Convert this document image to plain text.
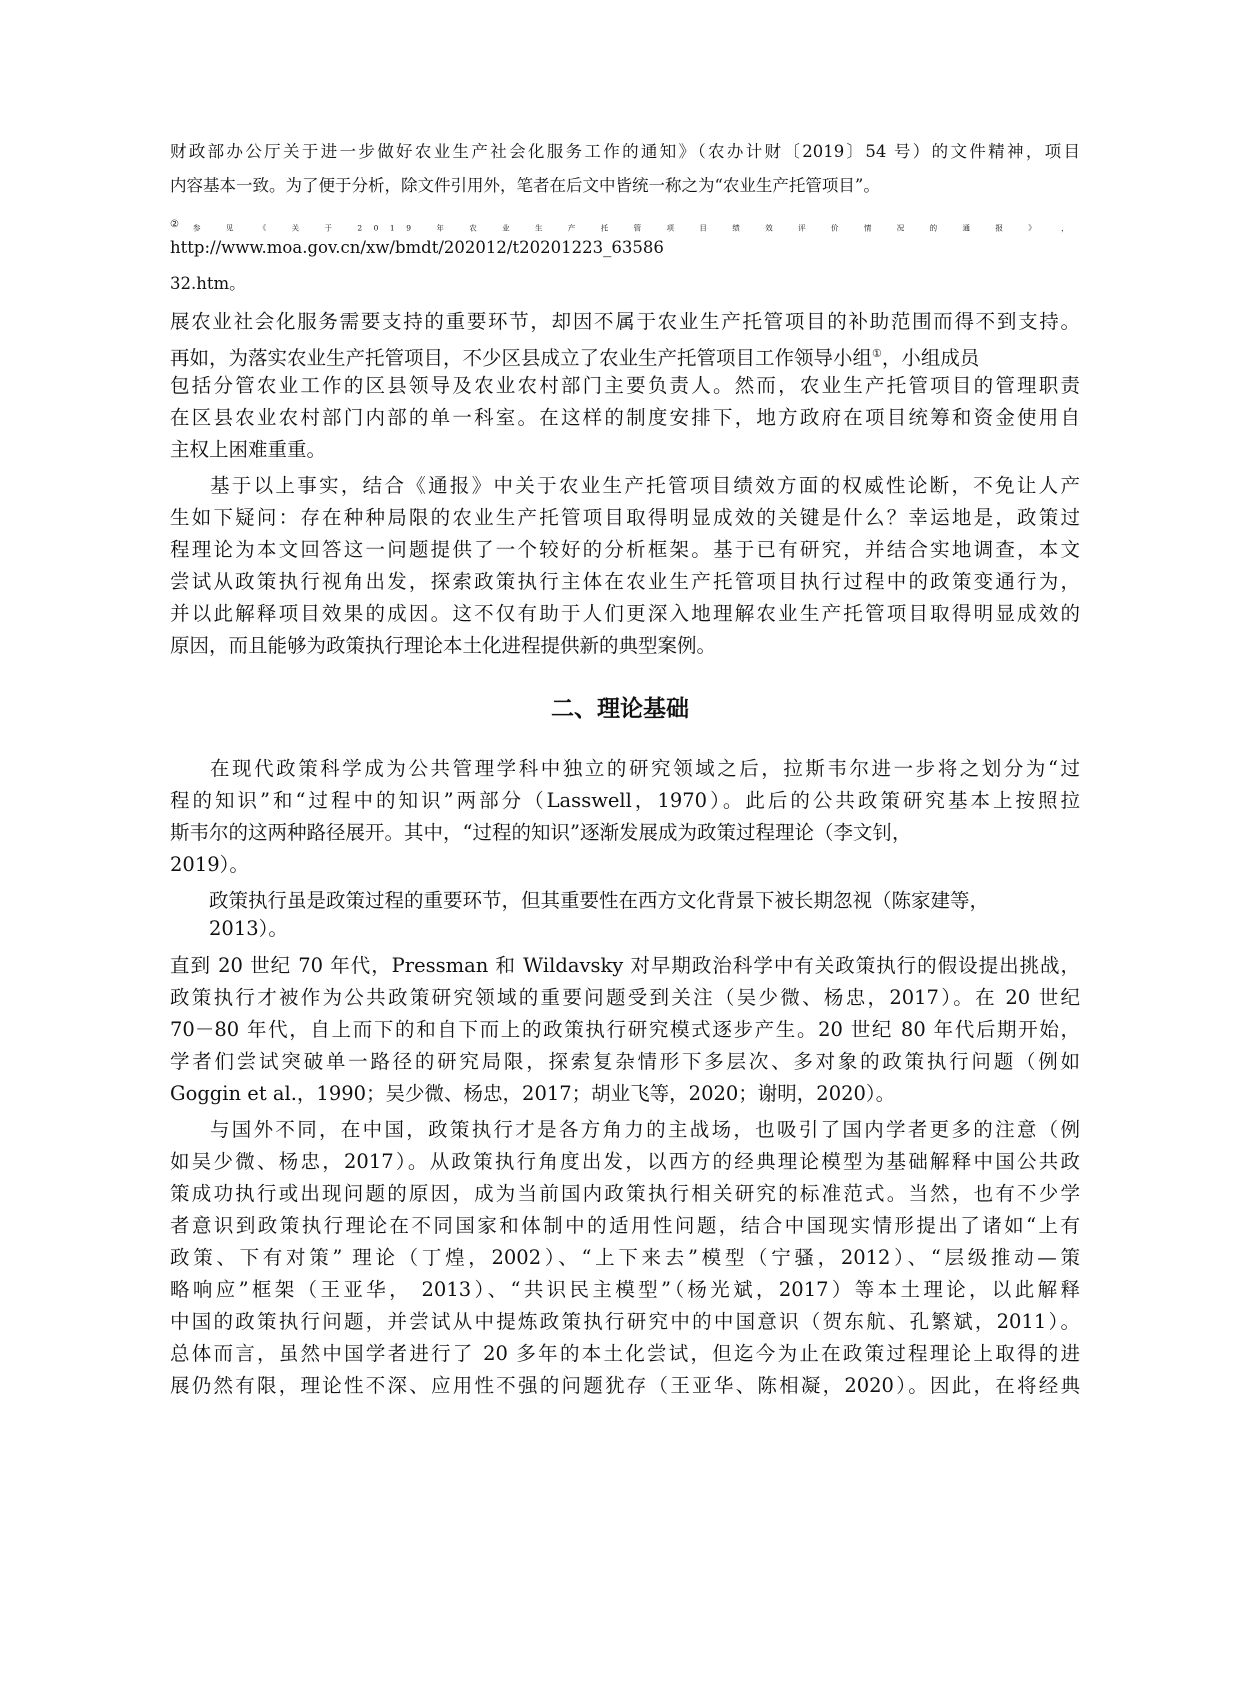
财政部办公厅关于进一步做好农业生产社会化服务工作的通知》（农办计财〔2019〕54 号）的文件精神，项目

内容基本一致。为了便于分析，除文件引用外，笔者在后文中皆统一称之为“农业生产托管项目”。

② 参 见 《 关 于 2019 年 农 业 生 产 托 管 项 目 绩 效 评 价 情 况 的 通 报 》 ，

http://www.moa.gov.cn/xw/bmdt/202012/t20201223_63586

32.htm。

展农业社会化服务需要支持的重要环节，却因不属于农业生产托管项目的补助范围而得不到支持。

再如，为落实农业生产托管项目，不少区县成立了农业生产托管项目工作领导小组①，小组成员

包括分管农业工作的区县领导及农业农村部门主要负责人。然而，农业生产托管项目的管理职责

在区县农业农村部门内部的单一科室。在这样的制度安排下，地方政府在项目统筹和资金使用自

主权上困难重重。

基于以上事实，结合《通报》中关于农业生产托管项目绩效方面的权威性论断，不免让人产

生如下疑问：存在种种局限的农业生产托管项目取得明显成效的关键是什么？幸运地是，政策过

程理论为本文回答这一问题提供了一个较好的分析框架。基于已有研究，并结合实地调查，本文

尝试从政策执行视角出发，探索政策执行主体在农业生产托管项目执行过程中的政策变通行为，

并以此解释项目效果的成因。这不仅有助于人们更深入地理解农业生产托管项目取得明显成效的

原因，而且能够为政策执行理论本土化进程提供新的典型案例。

二、理论基础

在现代政策科学成为公共管理学科中独立的研究领域之后，拉斯韦尔进一步将之划分为“过

程的知识”和“过程中的知识”两部分（Lasswell，1970）。此后的公共政策研究基本上按照拉

斯韦尔的这两种路径展开。其中，“过程的知识”逐渐发展成为政策过程理论（李文钊，

2019）。

政策执行虽是政策过程的重要环节，但其重要性在西方文化背景下被长期忽视（陈家建等，

2013）。

直到 20 世纪 70 年代，Pressman 和 Wildavsky 对早期政治科学中有关政策执行的假设提出挑战，

政策执行才被作为公共政策研究领域的重要问题受到关注（吴少微、杨忠，2017）。在 20 世纪

70－80 年代，自上而下的和自下而上的政策执行研究模式逐步产生。20 世纪 80 年代后期开始，

学者们尝试突破单一路径的研究局限，探索复杂情形下多层次、多对象的政策执行问题（例如

Goggin et al.，1990；吴少微、杨忠，2017；胡业飞等，2020；谢明，2020）。

与国外不同，在中国，政策执行才是各方角力的主战场，也吸引了国内学者更多的注意（例

如吴少微、杨忠，2017）。从政策执行角度出发，以西方的经典理论模型为基础解释中国公共政

策成功执行或出现问题的原因，成为当前国内政策执行相关研究的标准范式。当然，也有不少学

者意识到政策执行理论在不同国家和体制中的适用性问题，结合中国现实情形提出了诸如“上有

政策、下有对策” 理论（丁煌，2002）、“上下来去”模型（宁骚，2012）、“层级推动—策

略响应”框架（王亚华， 2013）、“共识民主模型”（杨光斌，2017）等本土理论，以此解释

中国的政策执行问题，并尝试从中提炼政策执行研究中的中国意识（贺东航、孔繁斌，2011）。

总体而言，虽然中国学者进行了 20 多年的本土化尝试，但迄今为止在政策过程理论上取得的进

展仍然有限，理论性不深、应用性不强的问题犹存（王亚华、陈相凝，2020）。因此，在将经典
